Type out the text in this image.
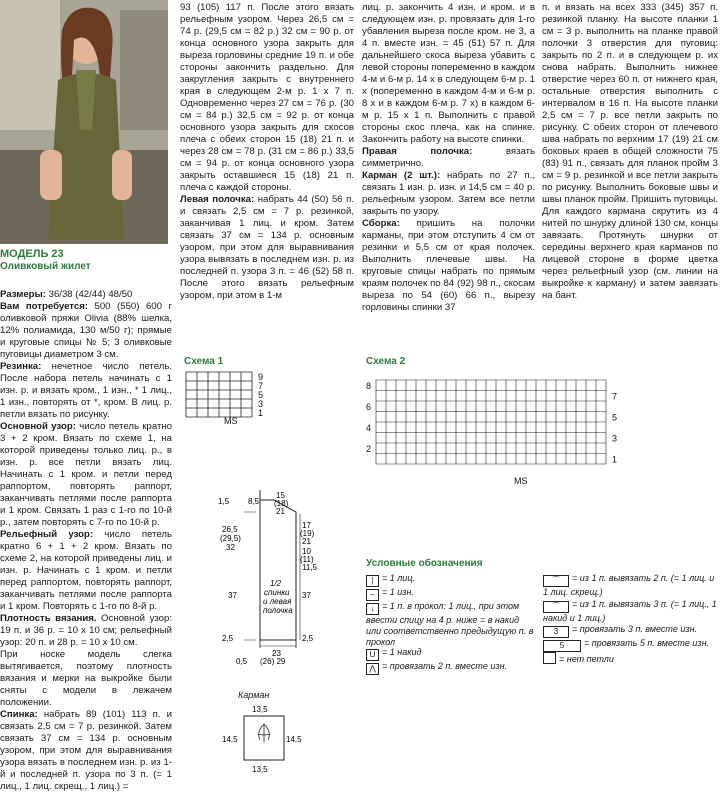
МОДЕЛЬ 23
Оливковый жилет

Размеры: 36/38 (42/44) 48/50

Вам потребуется: 500 (550) 600 г оливковой пряжи Olivia (88% шелка, 12% полиамида, 130 м/50 г); прямые и круговые спицы № 5; 3 оливковые пуговицы диаметром 3 см.

Резинка: нечетное число петель. После набора петель начинать с 1 изн. р. и вязать кром., 1 изн., * 1 лиц., 1 изн., повторять от *, кром. В лиц. р. петли вязать по рисунку.

Основной узор: число петель кратно 3 + 2 кром. Вязать по схеме 1, на которой приведены только лиц. р., в изн. р. все петли вязать лиц. Начинать с 1 кром. и петли перед раппортом, повторять раппорт, заканчивать петлями после раппорта и 1 кром. Связать 1 раз с 1-го по 10-й р., затем повторять с 7-го по 10-й р.

Рельефный узор: число петель кратно 6 + 1 + 2 кром. Вязать по схеме 2, на которой приведены лиц. и изн. р. Начинать с 1 кром. и петли перед раппортом, повторять раппорт, заканчивать петлями после раппорта и 1 кром. Повторять с 1-го по 8-й р.

Плотность вязания. Основной узор: 19 п. и 36 р. = 10 х 10 см; рельефный узор: 20 п. и 28 р. = 10 х 10 см.

При носке модель слегка вытягивается, поэтому плотность вязания и мерки на выкройке были сняты с модели в лежачем положении.

Спинка: набрать 89 (101) 113 п. и связать 2,5 см = 7 р. резинкой. Затем связать 37 см = 134 р. основным узором, при этом для выравнивания узора вязать в последнем изн. р. из 1-й и последней п. узора по 3 п. (= 1 лиц., 1 лиц. скрещ., 1 лиц.) =

93 (105) 117 п. После этого вязать рельефным узором. Через 26,5 см = 74 р. (29,5 см = 82 р.) 32 см = 90 р. от конца основного узора закрыть для выреза горловины средние 19 п. и обе стороны закончить раздельно. Для закругления закрыть с внутреннего края в следующем 2-м р. 1 х 7 п. Одновременно через 27 см = 76 р. (30 см = 84 р.) 32,5 см = 92 р. от конца основного узора закрыть для скосов плеча с обеих сторон 15 (18) 21 п. и через 28 см = 78 р. (31 см = 86 р.) 33,5 см = 94 р. от конца основного узора закрыть оставшиеся 15 (18) 21 п. плеча с каждой стороны.

Левая полочка: набрать 44 (50) 56 п. и связать 2,5 см = 7 р. резинкой, заканчивая 1 лиц. и кром. Затем связать 37 см = 134 р. основным узором, при этом для выравнивания узора вывязать в последнем изн. р. из последней п. узора 3 п. = 46 (52) 58 п. После этого вязать рельефным узором, при этом в 1-м

лиц. р. закончить 4 изн. и кром. и в следующем изн. р. провязать для 1-го убавления выреза после кром. не 3, а 4 п. вместе изн. = 45 (51) 57 п. Для дальнейшего скоса выреза убавить с левой стороны попеременно в каждом 4-м и 6-м р. 14 х в следующем 6-м р. 1 х (попеременно в каждом 4-м и 6-м р. 8 х и в каждом 6-м р. 7 х) в каждом 6-м р. 15 х 1 п. Выполнить с правой стороны скос плеча, как на спинке. Закончить работу на высоте спинки.

Правая полочка: вязать симметрично.

Карман (2 шт.): набрать по 27 п., связать 1 изн. р. изн. и 14,5 см = 40 р. рельефным узором. Затем все петли закрыть по узору.

Сборка: пришить на полочки карманы, при этом отступить 4 см от резинки и 5,5 см от края полочек. Выполнить плечевые швы. На круговые спицы набрать по прямым краям полочек по 84 (92) 98 п., скосам выреза по 54 (60) 66 п., вырезу горловины спинки 37

п. и вязать на всех 333 (345) 357 п. резинкой планку. На высоте планки 1 см = 3 р. выполнить на планке правой полочки 3 отверстия для пуговиц: закрыть по 2 п. и в следующем р. их снова набрать. Выполнить нижнее отверстие через 60 п. от нижнего края, остальные отверстия выполнить с интервалом в 16 п. На высоте планки 2,5 см = 7 р. все петли закрыть по рисунку. С обеих сторон от плечевого шва набрать по верхним 17 (19) 21 см боковых краев в общей сложности 75 (83) 91 п., связать для планок пройм 3 см = 9 р. резинкой и все петли закрыть по рисунку. Выполнить боковые швы и швы планок пройм. Пришить пуговицы. Для каждого кармана скрутить из 4 нитей по шнурку длиной 130 см, концы завязать. Протянуть шнурки от середины верхнего края карманов по лицевой стороне в форме цветка через рельефный узор (см. линии на выкройке к карману) и затем завязать на бант.

Схема 1
9
7
5
3
1
MS
Схема 2
8
6
4
2
7
5
3
1
MS
1,5
26,5
(29,5)
32
37
2,5
0,5
8,5
15
(18)
21
17
(19)
21
10
(11)
11,5
37
2,5
1/2
спинки
и левая
полочка
23
(26) 29
Карман
13,5
14,5	14,5
13,5
Условные обозначения
| = 1 лиц.
– = 1 изн.
↓ = 1 п. в прокол: 1 лиц., при этом ввести спицу на 4 р. ниже = в накид или соответственно предыдущую п. в прокол
U = 1 накид
⋀ = провязать 2 п. вместе изн.
⌒ = из 1 п. вывязать 2 п. (= 1 лиц. и 1 лиц. скрещ.)
⌒ = из 1 п. вывязать 3 п. (= 1 лиц., 1 накид и 1 лиц.)
3 = провязать 3 п. вместе изн.
5 = провязать 5 п. вместе изн.
= нет петли
